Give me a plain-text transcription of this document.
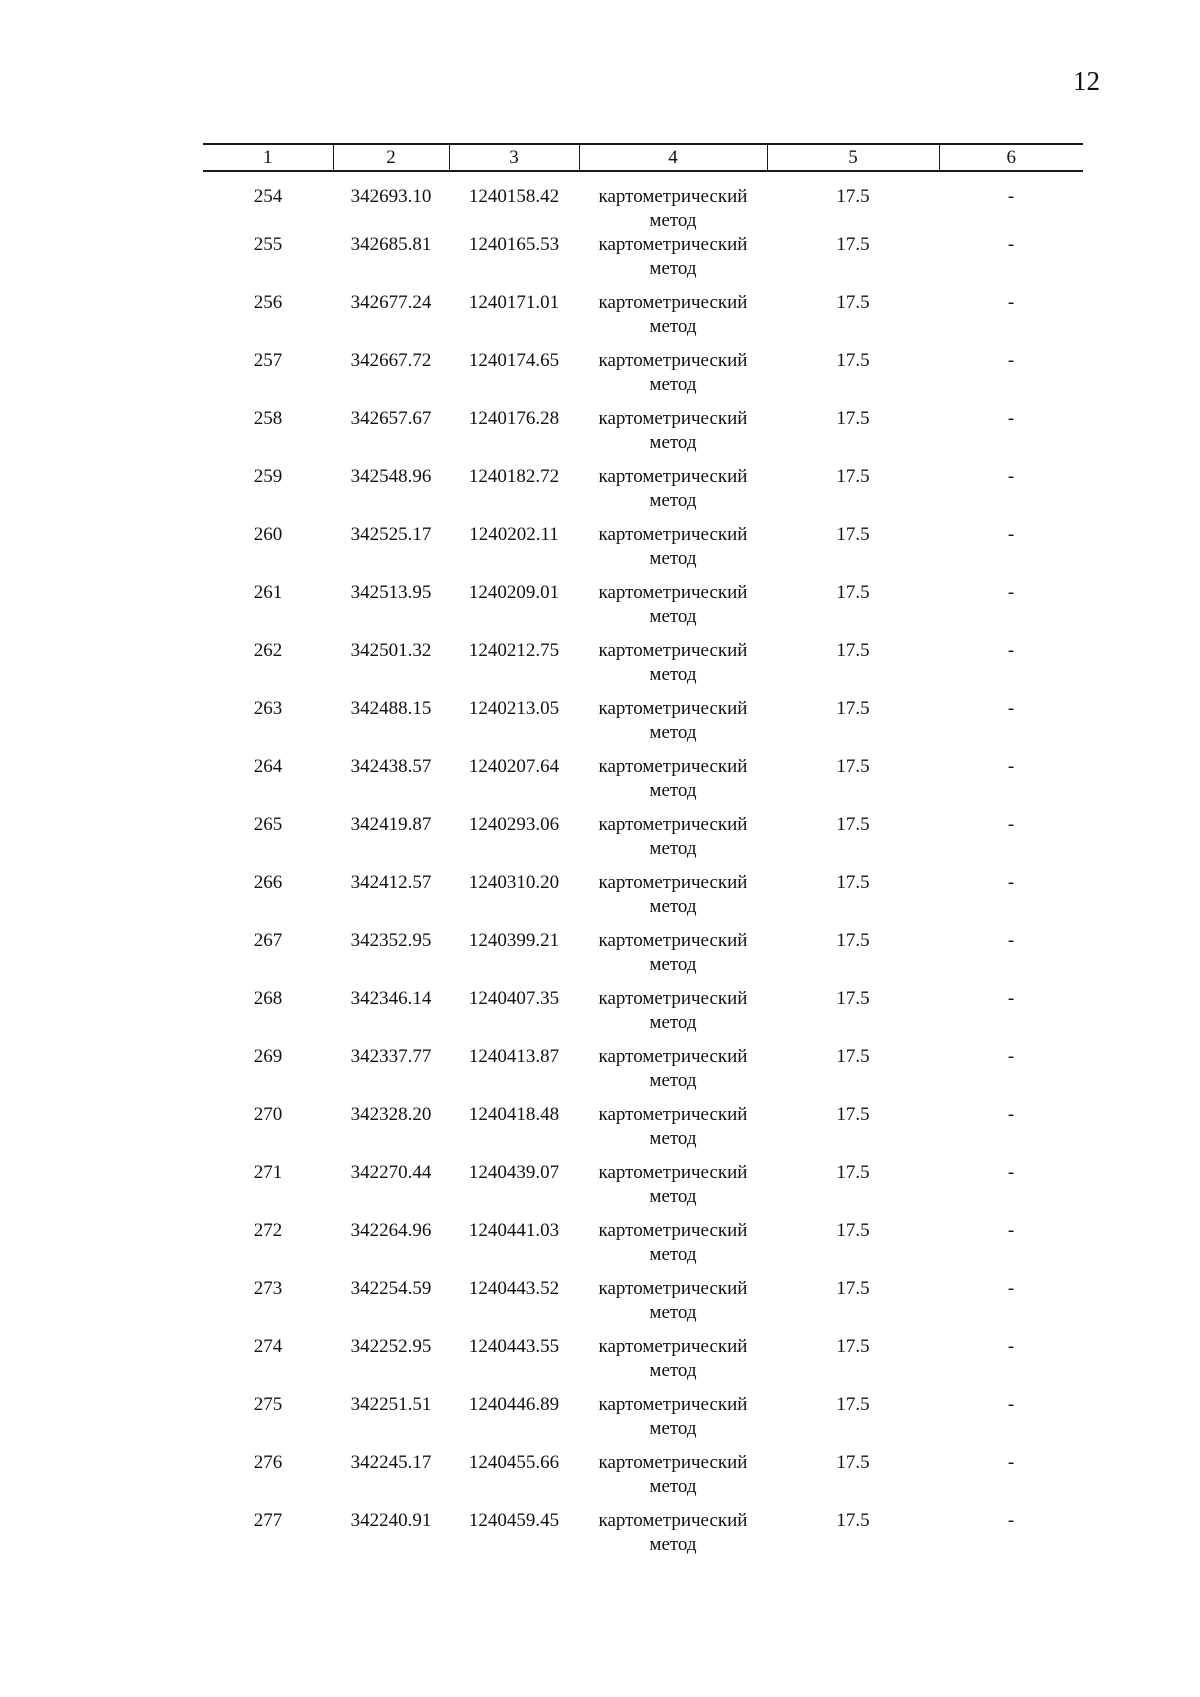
12
1	2	3	4	5	6
254	342693.10	1240158.42	картометрический
метод	17.5	-
255	342685.81	1240165.53	картометрический
метод	17.5	-
256	342677.24	1240171.01	картометрический
метод	17.5	-
257	342667.72	1240174.65	картометрический
метод	17.5	-
258	342657.67	1240176.28	картометрический
метод	17.5	-
259	342548.96	1240182.72	картометрический
метод	17.5	-
260	342525.17	1240202.11	картометрический
метод	17.5	-
261	342513.95	1240209.01	картометрический
метод	17.5	-
262	342501.32	1240212.75	картометрический
метод	17.5	-
263	342488.15	1240213.05	картометрический
метод	17.5	-
264	342438.57	1240207.64	картометрический
метод	17.5	-
265	342419.87	1240293.06	картометрический
метод	17.5	-
266	342412.57	1240310.20	картометрический
метод	17.5	-
267	342352.95	1240399.21	картометрический
метод	17.5	-
268	342346.14	1240407.35	картометрический
метод	17.5	-
269	342337.77	1240413.87	картометрический
метод	17.5	-
270	342328.20	1240418.48	картометрический
метод	17.5	-
271	342270.44	1240439.07	картометрический
метод	17.5	-
272	342264.96	1240441.03	картометрический
метод	17.5	-
273	342254.59	1240443.52	картометрический
метод	17.5	-
274	342252.95	1240443.55	картометрический
метод	17.5	-
275	342251.51	1240446.89	картометрический
метод	17.5	-
276	342245.17	1240455.66	картометрический
метод	17.5	-
277	342240.91	1240459.45	картометрический
метод	17.5	-
